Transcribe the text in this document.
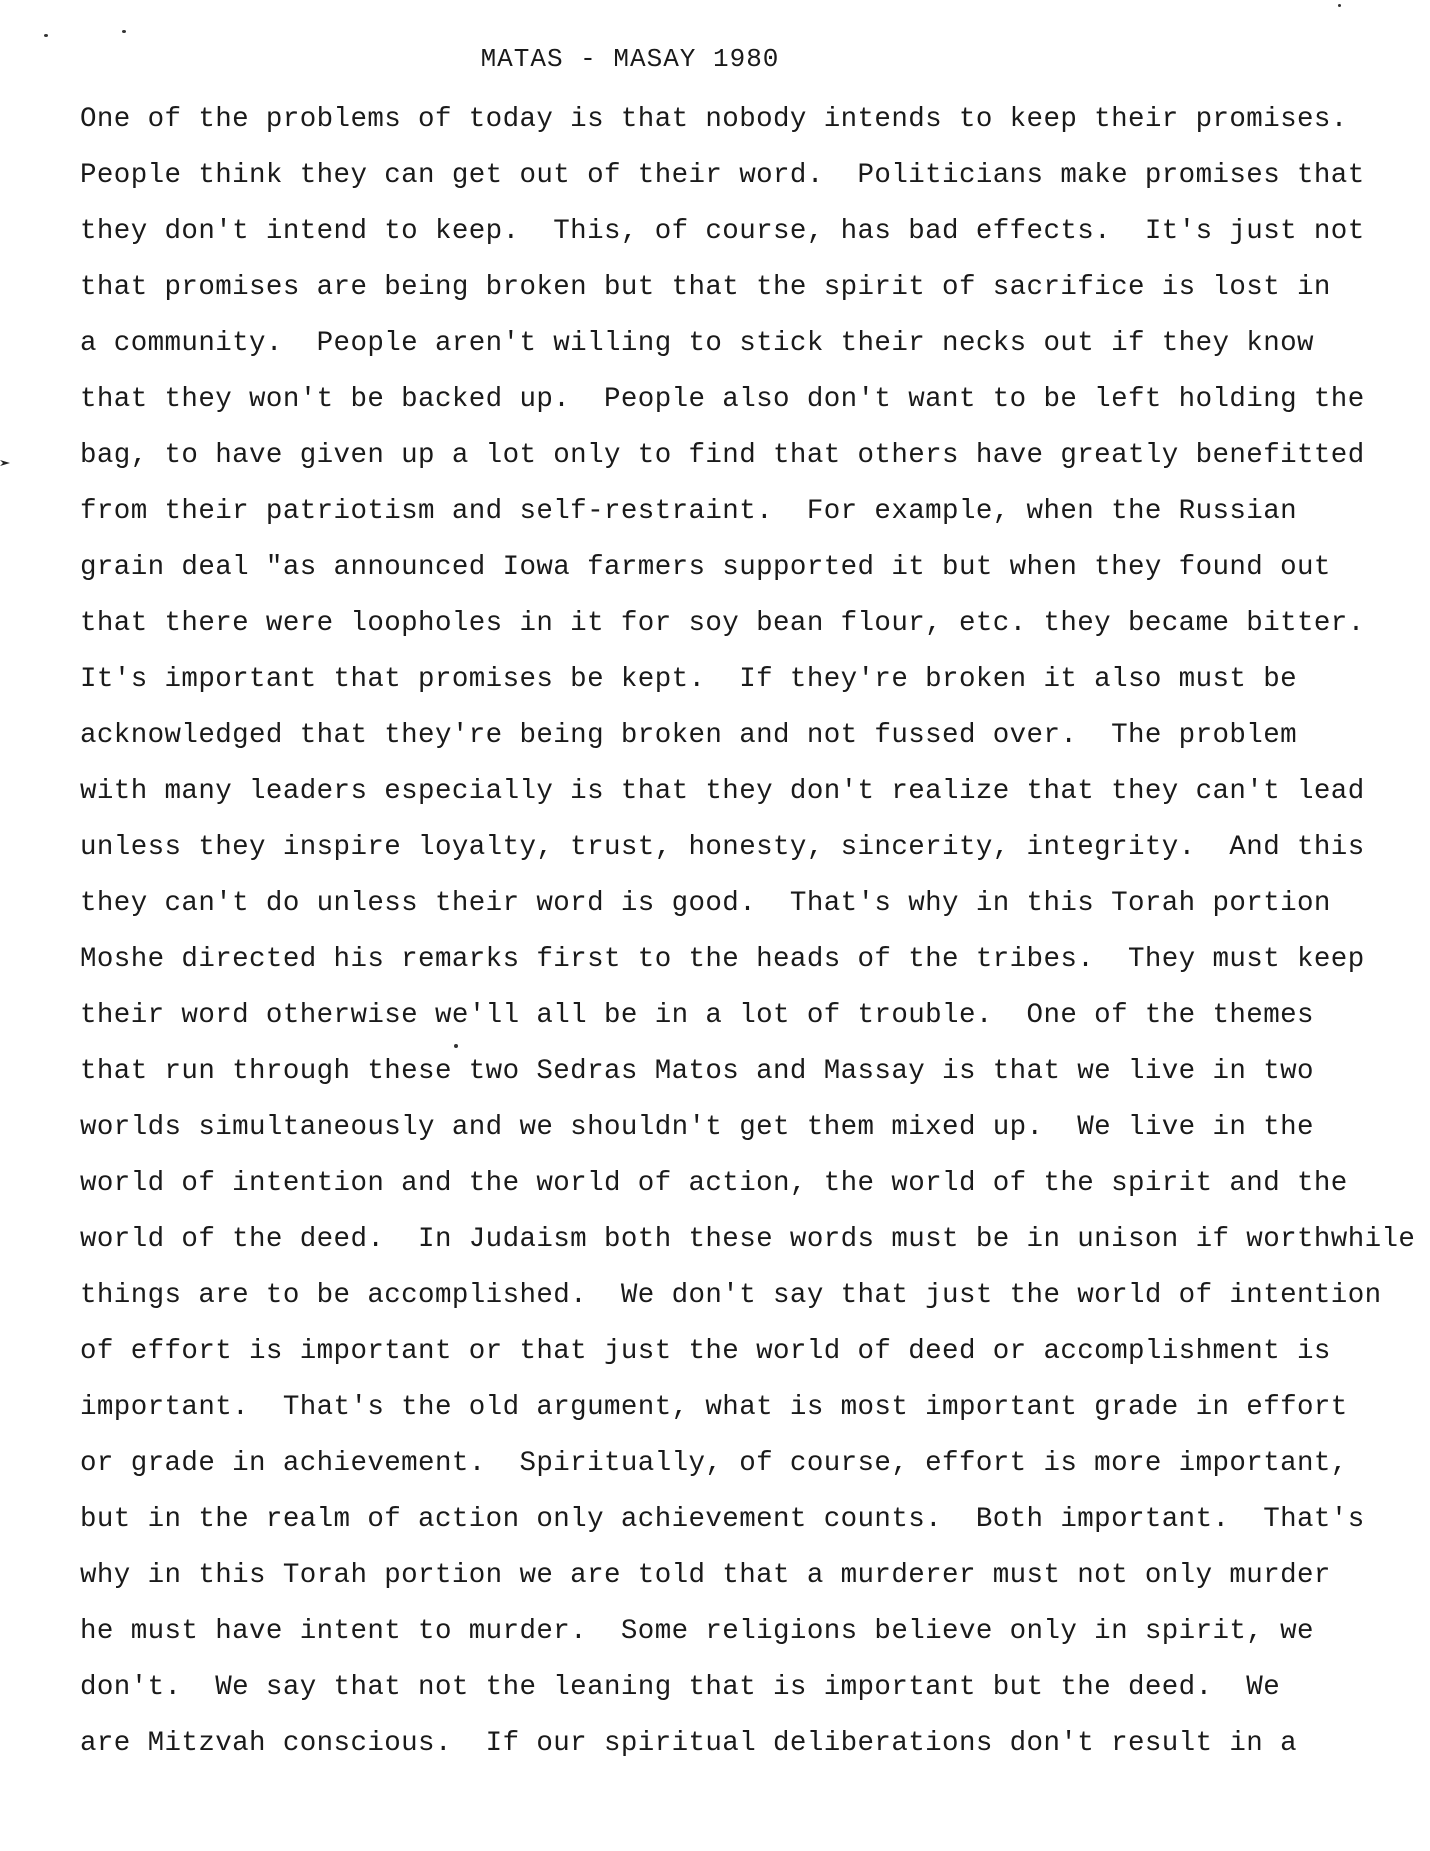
MATAS - MASAY 1980
One of the problems of today is that nobody intends to keep their promises.
People think they can get out of their word.  Politicians make promises that
they don't intend to keep.  This, of course, has bad effects.  It's just not
that promises are being broken but that the spirit of sacrifice is lost in
a community.  People aren't willing to stick their necks out if they know
that they won't be backed up.  People also don't want to be left holding the
bag, to have given up a lot only to find that others have greatly benefitted
from their patriotism and self-restraint.  For example, when the Russian
grain deal "as announced Iowa farmers supported it but when they found out
that there were loopholes in it for soy bean flour, etc. they became bitter.
It's important that promises be kept.  If they're broken it also must be
acknowledged that they're being broken and not fussed over.  The problem
with many leaders especially is that they don't realize that they can't lead
unless they inspire loyalty, trust, honesty, sincerity, integrity.  And this
they can't do unless their word is good.  That's why in this Torah portion
Moshe directed his remarks first to the heads of the tribes.  They must keep
their word otherwise we'll all be in a lot of trouble.  One of the themes
that run through these two Sedras Matos and Massay is that we live in two
worlds simultaneously and we shouldn't get them mixed up.  We live in the
world of intention and the world of action, the world of the spirit and the
world of the deed.  In Judaism both these words must be in unison if worthwhile
things are to be accomplished.  We don't say that just the world of intention
of effort is important or that just the world of deed or accomplishment is
important.  That's the old argument, what is most important grade in effort
or grade in achievement.  Spiritually, of course, effort is more important,
but in the realm of action only achievement counts.  Both important.  That's
why in this Torah portion we are told that a murderer must not only murder
he must have intent to murder.  Some religions believe only in spirit, we
don't.  We say that not the leaning that is important but the deed.  We
are Mitzvah conscious.  If our spiritual deliberations don't result in a
